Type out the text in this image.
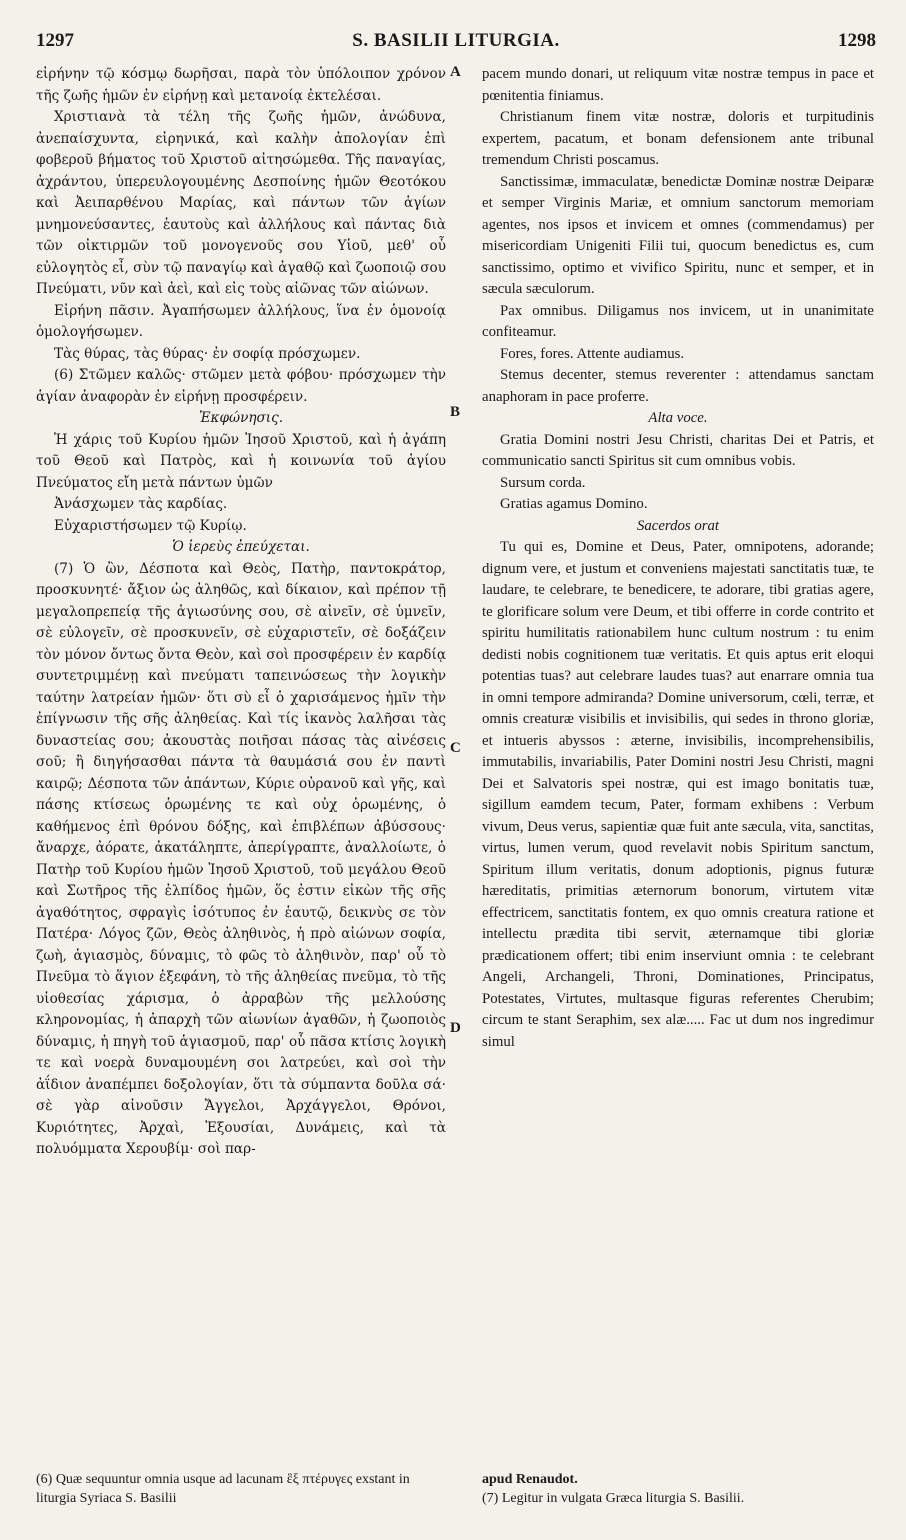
1297	S. BASILII LITURGIA.	1298

εἰρήνην τῷ κόσμῳ δωρῆσαι, παρὰ τὸν ὑπόλοιπον χρόνον τῆς ζωῆς ἡμῶν ἐν εἰρήνῃ καὶ μετανοίᾳ ἐκτελέσαι.

Χριστιανὰ τὰ τέλη τῆς ζωῆς ἡμῶν, ἀνώδυνα, ἀνεπαίσχυντα, εἰρηνικά, καὶ καλὴν ἀπολογίαν ἐπὶ φοβεροῦ βήματος τοῦ Χριστοῦ αἰτησώμεθα. Τῆς παναγίας, ἀχράντου, ὑπερευλογουμένης Δεσποίνης ἡμῶν Θεοτόκου καὶ Ἀειπαρθένου Μαρίας, καὶ πάντων τῶν ἁγίων μνημονεύσαντες, ἑαυτοὺς καὶ ἀλλήλους καὶ πάντας διὰ τῶν οἰκτιρμῶν τοῦ μονογενοῦς σου Υἱοῦ, μεθ' οὗ εὐλογητὸς εἶ, σὺν τῷ παναγίῳ καὶ ἀγαθῷ καὶ ζωοποιῷ σου Πνεύματι, νῦν καὶ ἀεὶ, καὶ εἰς τοὺς αἰῶνας τῶν αἰώνων.

Εἰρήνη πᾶσιν. Ἀγαπήσωμεν ἀλλήλους, ἵνα ἐν ὁμονοίᾳ ὁμολογήσωμεν.

Τὰς θύρας, τὰς θύρας· ἐν σοφίᾳ πρόσχωμεν.

(6) Στῶμεν καλῶς· στῶμεν μετὰ φόβου· πρόσχωμεν τὴν ἁγίαν ἀναφορὰν ἐν εἰρήνῃ προσφέρειν.

Ἐκφώνησις.

Ἡ χάρις τοῦ Κυρίου ἡμῶν Ἰησοῦ Χριστοῦ, καὶ ἡ ἀγάπη τοῦ Θεοῦ καὶ Πατρὸς, καὶ ἡ κοινωνία τοῦ ἁγίου Πνεύματος εἴη μετὰ πάντων ὑμῶν

Ἀνάσχωμεν τὰς καρδίας.

Εὐχαριστήσωμεν τῷ Κυρίῳ.

Ὁ ἱερεὺς ἐπεύχεται.

(7) Ὁ ὢν, Δέσποτα καὶ Θεὸς, Πατὴρ, παντοκράτορ, προσκυνητέ· ἄξιον ὡς ἀληθῶς, καὶ δίκαιον, καὶ πρέπον τῇ μεγαλοπρεπείᾳ τῆς ἁγιωσύνης σου, σὲ αἰνεῖν, σὲ ὑμνεῖν, σὲ εὐλογεῖν, σὲ προσκυνεῖν, σὲ εὐχαριστεῖν, σὲ δοξάζειν τὸν μόνον ὄντως ὄντα Θεὸν, καὶ σοὶ προσφέρειν ἐν καρδίᾳ συντετριμμένῃ καὶ πνεύματι ταπεινώσεως τὴν λογικὴν ταύτην λατρείαν ἡμῶν· ὅτι σὺ εἶ ὁ χαρισάμενος ἡμῖν τὴν ἐπίγνωσιν τῆς σῆς ἀληθείας. Καὶ τίς ἱκανὸς λαλῆσαι τὰς δυναστείας σου; ἀκουστὰς ποιῆσαι πάσας τὰς αἰνέσεις σοῦ; ἢ διηγήσασθαι πάντα τὰ θαυμάσιά σου ἐν παντὶ καιρῷ; Δέσποτα τῶν ἁπάντων, Κύριε οὐρανοῦ καὶ γῆς, καὶ πάσης κτίσεως ὁρωμένης τε καὶ οὐχ ὁρωμένης, ὁ καθήμενος ἐπὶ θρόνου δόξης, καὶ ἐπιβλέπων ἀβύσσους· ἄναρχε, ἀόρατε, ἀκατάληπτε, ἀπερίγραπτε, ἀναλλοίωτε, ὁ Πατὴρ τοῦ Κυρίου ἡμῶν Ἰησοῦ Χριστοῦ, τοῦ μεγάλου Θεοῦ καὶ Σωτῆρος τῆς ἐλπίδος ἡμῶν, ὅς ἐστιν εἰκὼν τῆς σῆς ἀγαθότητος, σφραγὶς ἰσότυπος ἐν ἑαυτῷ, δεικνὺς σε τὸν Πατέρα· Λόγος ζῶν, Θεὸς ἀληθινὸς, ἡ πρὸ αἰώνων σοφία, ζωὴ, ἁγιασμὸς, δύναμις, τὸ φῶς τὸ ἀληθινὸν, παρ' οὗ τὸ Πνεῦμα τὸ ἅγιον ἐξεφάνη, τὸ τῆς ἀληθείας πνεῦμα, τὸ τῆς υἱοθεσίας χάρισμα, ὁ ἀρραβὼν τῆς μελλούσης κληρονομίας, ἡ ἀπαρχὴ τῶν αἰωνίων ἀγαθῶν, ἡ ζωοποιὸς δύναμις, ἡ πηγὴ τοῦ ἁγιασμοῦ, παρ' οὗ πᾶσα κτίσις λογικὴ τε καὶ νοερὰ δυναμουμένη σοι λατρεύει, καὶ σοὶ τὴν ἀΐδιον ἀναπέμπει δοξολογίαν, ὅτι τὰ σύμπαντα δοῦλα σά· σὲ γὰρ αἰνοῦσιν Ἄγγελοι, Ἀρχάγγελοι, Θρόνοι, Κυριότητες, Ἀρχαὶ, Ἐξουσίαι, Δυνάμεις, καὶ τὰ πολυόμματα Χερουβίμ· σοὶ παρ-

pacem mundo donari, ut reliquum vitæ nostræ tempus in pace et pœnitentia finiamus.

Christianum finem vitæ nostræ, doloris et turpitudinis expertem, pacatum, et bonam defensionem ante tribunal tremendum Christi poscamus.

Sanctissimæ, immaculatæ, benedictæ Dominæ nostræ Deiparæ et semper Virginis Mariæ, et omnium sanctorum memoriam agentes, nos ipsos et invicem et omnes (commendamus) per misericordiam Unigeniti Filii tui, quocum benedictus es, cum sanctissimo, optimo et vivifico Spiritu, nunc et semper, et in sæcula sæculorum.

Pax omnibus. Diligamus nos invicem, ut in unanimitate confiteamur.

Fores, fores. Attente audiamus.

Stemus decenter, stemus reverenter : attendamus sanctam anaphoram in pace proferre.

Alta voce.

Gratia Domini nostri Jesu Christi, charitas Dei et Patris, et communicatio sancti Spiritus sit cum omnibus vobis.

Sursum corda.

Gratias agamus Domino.

Sacerdos orat

Tu qui es, Domine et Deus, Pater, omnipotens, adorande; dignum vere, et justum et conveniens majestati sanctitatis tuæ, te laudare, te celebrare, te benedicere, te adorare, tibi gratias agere, te glorificare solum vere Deum, et tibi offerre in corde contrito et spiritu humilitatis rationabilem hunc cultum nostrum : tu enim dedisti nobis cognitionem tuæ veritatis. Et quis aptus erit eloqui potentias tuas? aut celebrare laudes tuas? aut enarrare omnia tua in omni tempore admiranda? Domine universorum, cœli, terræ, et omnis creaturæ visibilis et invisibilis, qui sedes in throno gloriæ, et intueris abyssos : æterne, invisibilis, incomprehensibilis, immutabilis, invariabilis, Pater Domini nostri Jesu Christi, magni Dei et Salvatoris spei nostræ, qui est imago bonitatis tuæ, sigillum eamdem tecum, Pater, formam exhibens : Verbum vivum, Deus verus, sapientiæ quæ fuit ante sæcula, vita, sanctitas, virtus, lumen verum, quod revelavit nobis Spiritum sanctum, Spiritum illum veritatis, donum adoptionis, pignus futuræ hæreditatis, primitias æternorum bonorum, virtutem vitæ effectricem, sanctitatis fontem, ex quo omnis creatura ratione et intellectu prædita tibi servit, æternamque tibi gloriæ prædicationem offert; tibi enim inserviunt omnia : te celebrant Angeli, Archangeli, Throni, Dominationes, Principatus, Potestates, Virtutes, multasque figuras referentes Cherubim; circum te stant Seraphim, sex alæ..... Fac ut dum nos ingredimur simul

A
B
C
D
(6) Quæ sequuntur omnia usque ad lacunam ἓξ πτέρυγες exstant in liturgia Syriaca S. Basilii
apud Renaudot.
(7) Legitur in vulgata Græca liturgia S. Basilii.
